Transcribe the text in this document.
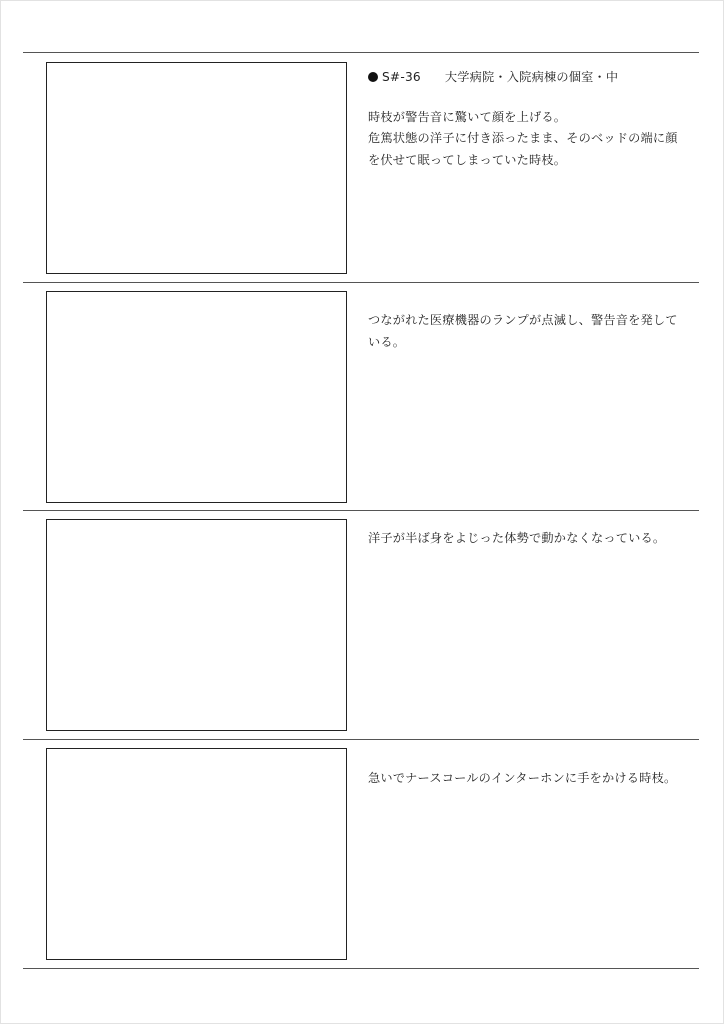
S#-36 大学病院・入院病棟の個室・中

時枝が警告音に驚いて顔を上げる。

危篤状態の洋子に付き添ったまま、そのベッドの端に顔

を伏せて眠ってしまっていた時枝。

つながれた医療機器のランプが点滅し、警告音を発して

いる。

洋子が半ば身をよじった体勢で動かなくなっている。

急いでナースコールのインターホンに手をかける時枝。
